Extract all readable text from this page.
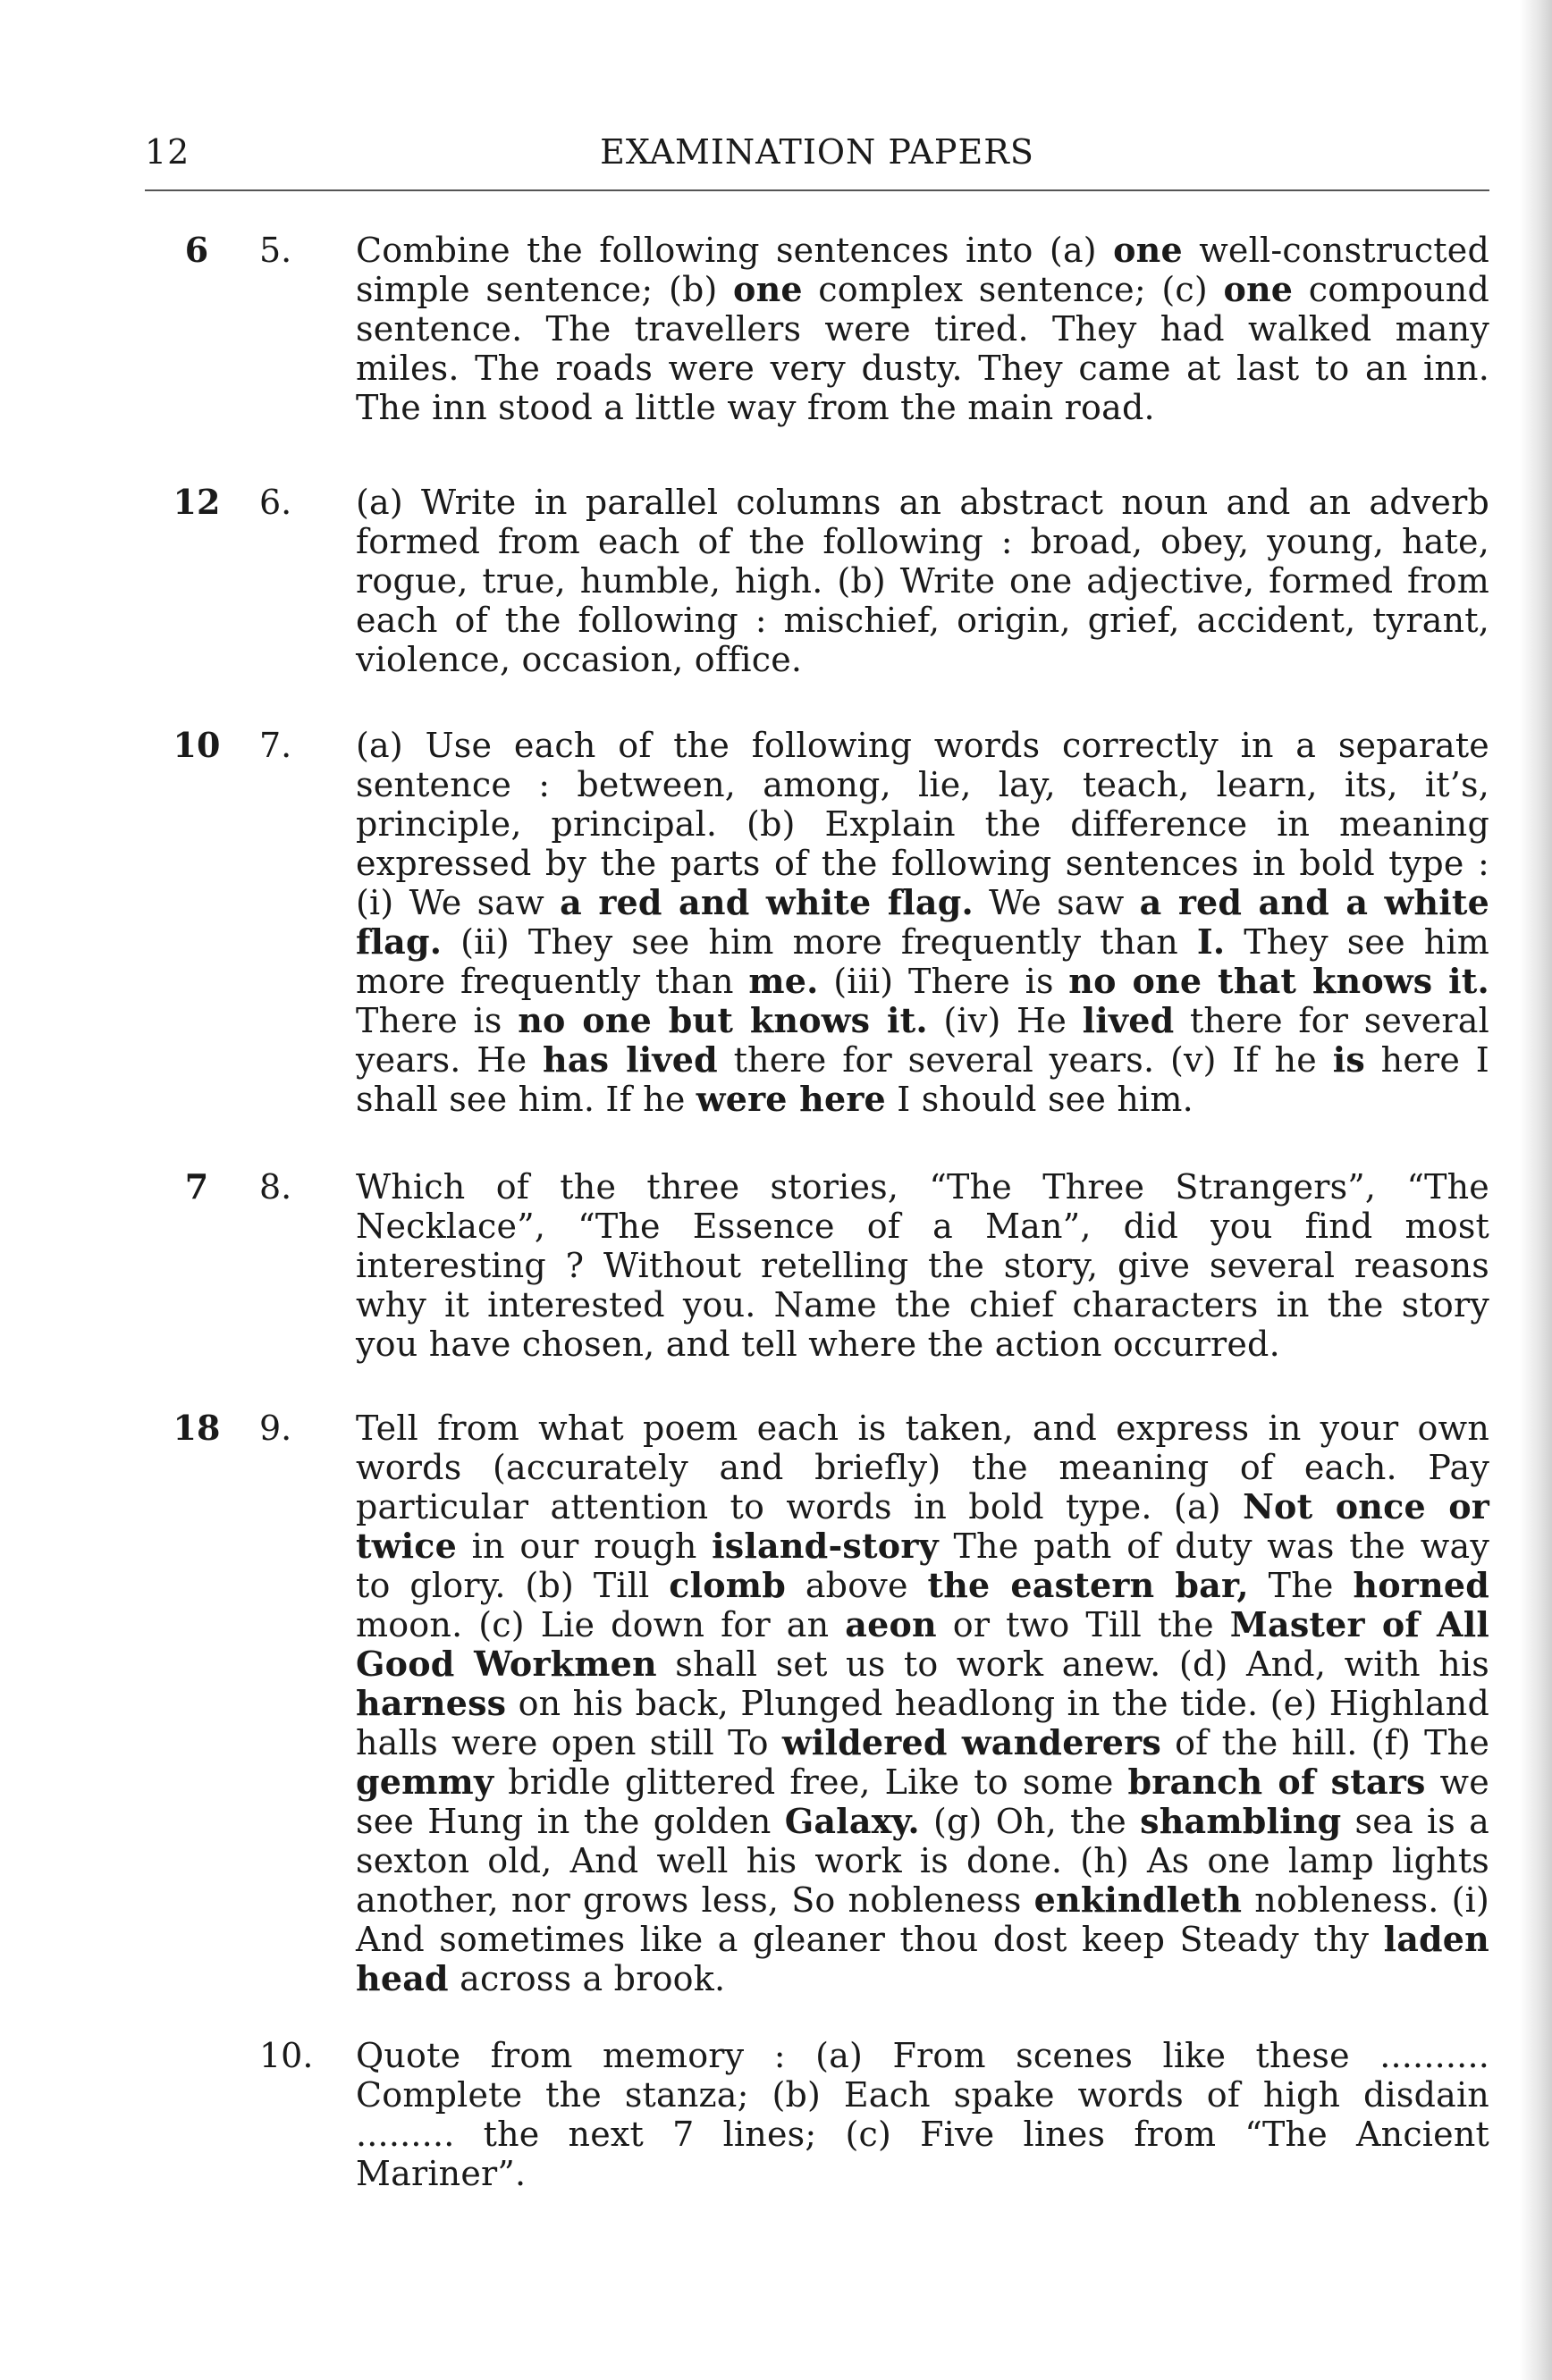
12	EXAMINATION PAPERS
6	5.	Combine the following sentences into (a) one well-constructed simple sentence; (b) one complex sentence; (c) one compound sentence. The travellers were tired. They had walked many miles. The roads were very dusty. They came at last to an inn. The inn stood a little way from the main road.
12	6.	(a) Write in parallel columns an abstract noun and an adverb formed from each of the following : broad, obey, young, hate, rogue, true, humble, high. (b) Write one adjective, formed from each of the following : mischief, origin, grief, accident, tyrant, violence, occasion, office.
10	7.	(a) Use each of the following words correctly in a separate sentence : between, among, lie, lay, teach, learn, its, it’s, principle, principal. (b) Explain the difference in meaning expressed by the parts of the following sentences in bold type : (i) We saw a red and white flag. We saw a red and a white flag. (ii) They see him more frequently than I. They see him more frequently than me. (iii) There is no one that knows it. There is no one but knows it. (iv) He lived there for several years. He has lived there for several years. (v) If he is here I shall see him. If he were here I should see him.
7	8.	Which of the three stories, “The Three Strangers”, “The Necklace”, “The Essence of a Man”, did you find most interesting ? Without retelling the story, give several reasons why it interested you. Name the chief characters in the story you have chosen, and tell where the action occurred.
18	9.	Tell from what poem each is taken, and express in your own words (accurately and briefly) the meaning of each. Pay particular attention to words in bold type. (a) Not once or twice in our rough island-story The path of duty was the way to glory. (b) Till clomb above the eastern bar, The horned moon. (c) Lie down for an aeon or two Till the Master of All Good Workmen shall set us to work anew. (d) And, with his harness on his back, Plunged headlong in the tide. (e) Highland halls were open still To wildered wanderers of the hill. (f) The gemmy bridle glittered free, Like to some branch of stars we see Hung in the golden Galaxy. (g) Oh, the shambling sea is a sexton old, And well his work is done. (h) As one lamp lights another, nor grows less, So nobleness enkindleth nobleness. (i) And sometimes like a gleaner thou dost keep Steady thy laden head across a brook.
10.	Quote from memory : (a) From scenes like these .......... Complete the stanza; (b) Each spake words of high disdain ......... the next 7 lines; (c) Five lines from “The Ancient Mariner”.
